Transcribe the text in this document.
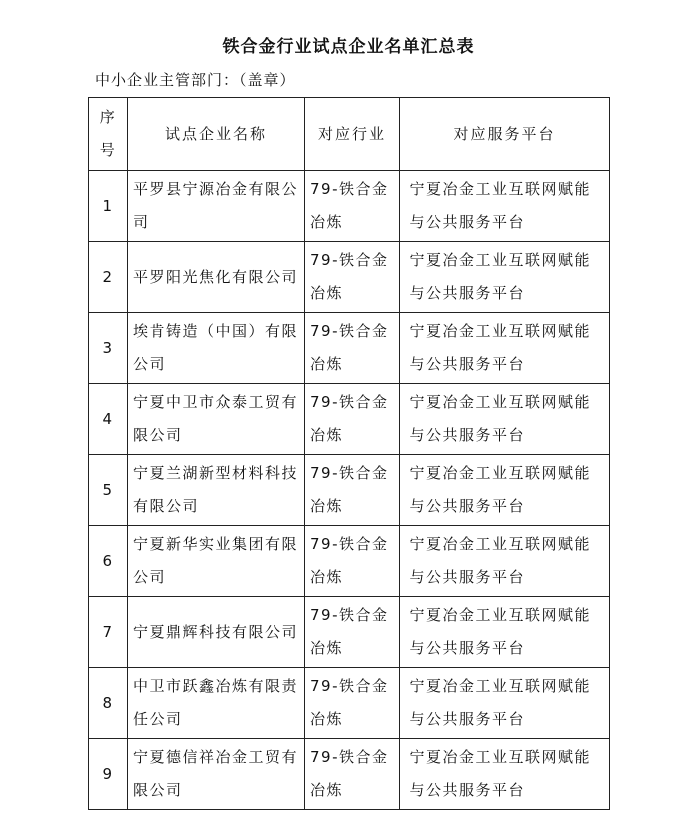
铁合金行业试点企业名单汇总表
中小企业主管部门：（盖章）
序号	试点企业名称	对应行业	对应服务平台
1	平罗县宁源冶金有限公司	79-铁合金冶炼	宁夏冶金工业互联网赋能与公共服务平台

2	平罗阳光焦化有限公司	79-铁合金冶炼	宁夏冶金工业互联网赋能与公共服务平台

3	埃肯铸造（中国）有限公司	79-铁合金冶炼	宁夏冶金工业互联网赋能与公共服务平台

4	宁夏中卫市众泰工贸有限公司	79-铁合金冶炼	宁夏冶金工业互联网赋能与公共服务平台

5	宁夏兰湖新型材料科技有限公司	79-铁合金冶炼	宁夏冶金工业互联网赋能与公共服务平台

6	宁夏新华实业集团有限公司	79-铁合金冶炼	宁夏冶金工业互联网赋能与公共服务平台

7	宁夏鼎辉科技有限公司	79-铁合金冶炼	宁夏冶金工业互联网赋能与公共服务平台

8	中卫市跃鑫冶炼有限责任公司	79-铁合金冶炼	宁夏冶金工业互联网赋能与公共服务平台

9	宁夏德信祥冶金工贸有限公司	79-铁合金冶炼	宁夏冶金工业互联网赋能与公共服务平台
